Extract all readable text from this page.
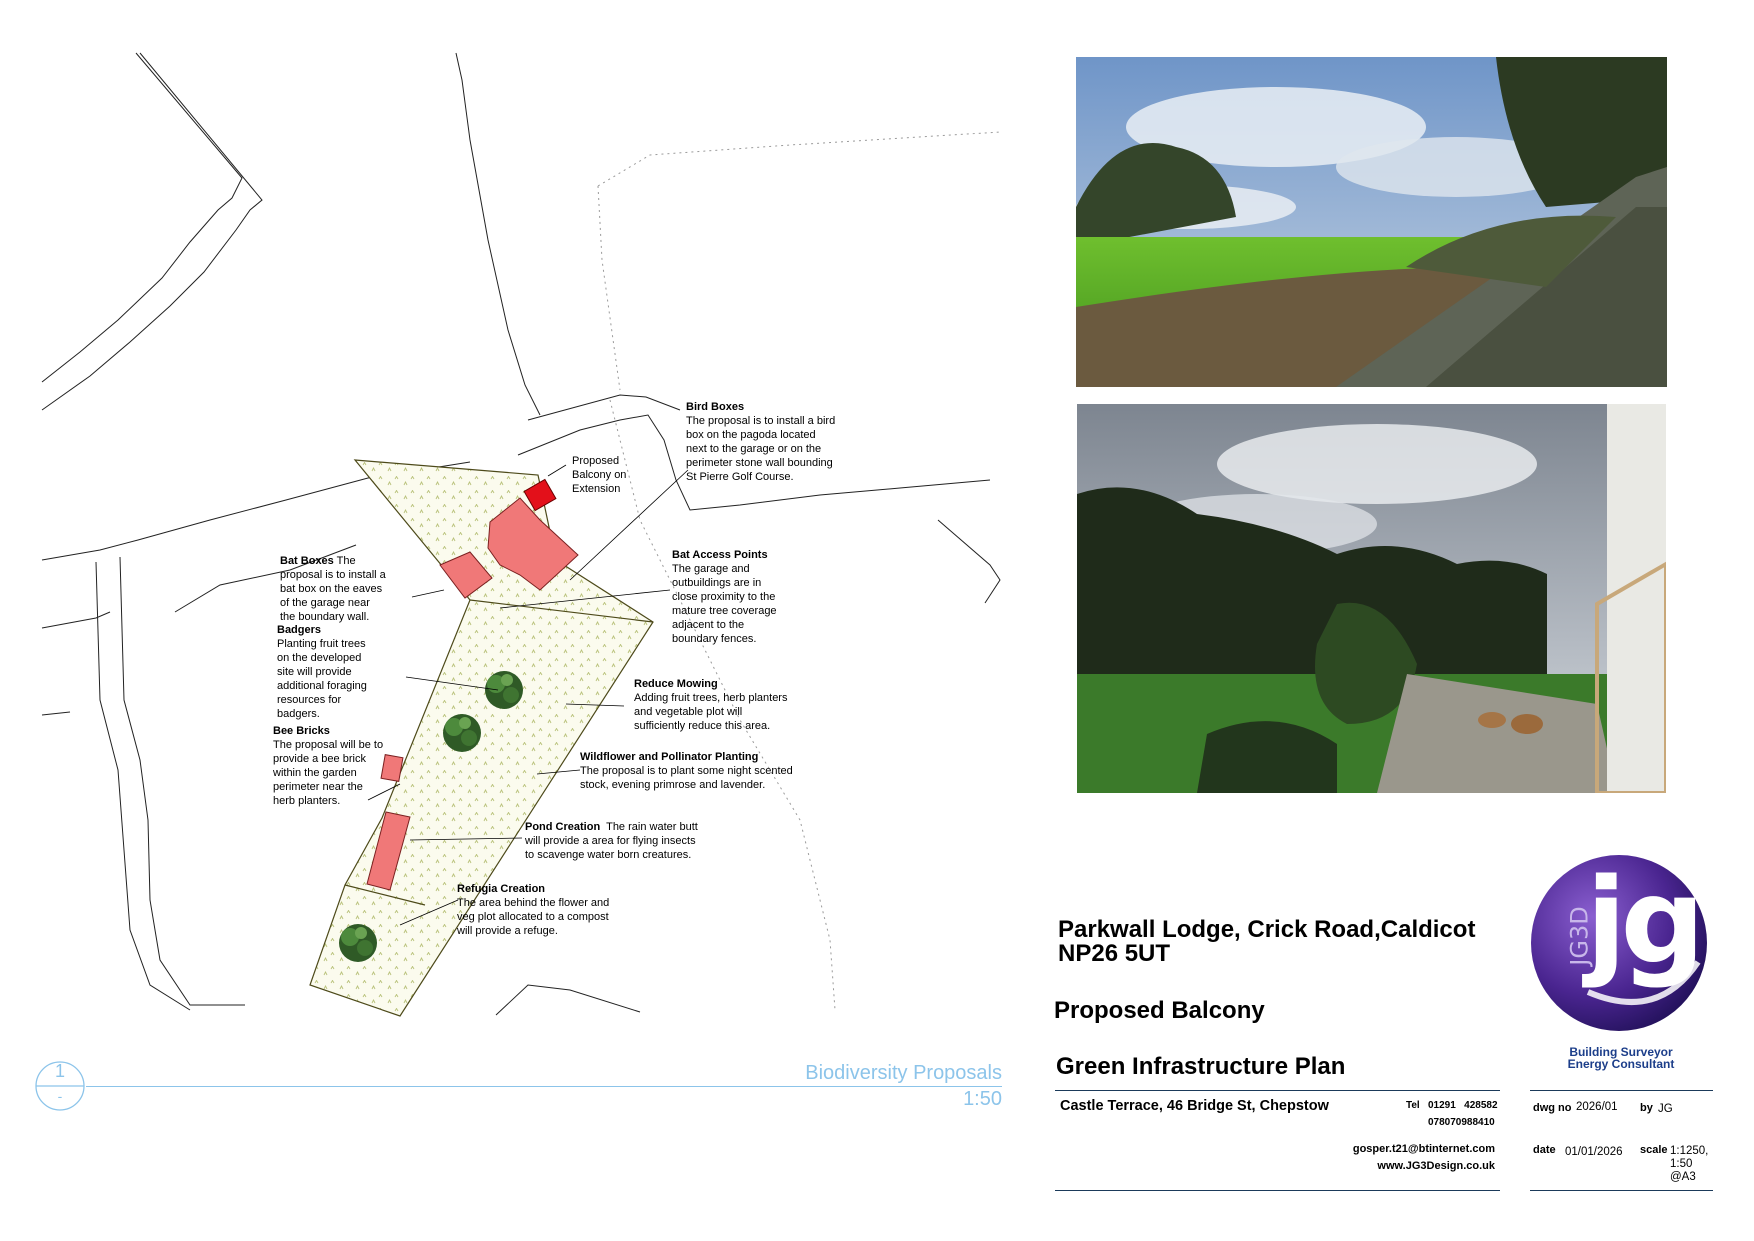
Proposed
Balcony on
Extension
Bird Boxes
The proposal is to install a bird
box on the pagoda located
next to the garage or on the
perimeter stone wall bounding
St Pierre Golf Course.
Bat Boxes The
proposal is to install a
bat box on the eaves
of the garage near
the boundary wall.
Bat Access Points
The garage and
outbuildings are in
close proximity to the
mature tree coverage
adjacent to the
boundary fences.
Badgers
Planting fruit trees
on the developed
site will provide
additional foraging
resources for
badgers.
Reduce Mowing
Adding fruit trees, herb planters
and vegetable plot will
sufficiently reduce this area.
Bee Bricks
The proposal will be to
provide a bee brick
within the garden
perimeter near the
herb planters.
Wildflower and Pollinator Planting
The proposal is to plant some night scented
stock, evening primrose and lavender.
Pond Creation The rain water butt
will provide a area for flying insects
to scavenge water born creatures.
Refugia Creation
The area behind the flower and
veg plot allocated to a compost
will provide a refuge.
1
-
Biodiversity Proposals
1:50
Parkwall Lodge, Crick Road,Caldicot
NP26 5UT
Proposed Balcony
Green Infrastructure Plan
Castle Terrace, 46 Bridge St, Chepstow	Tel 01291   428582
07807098841​0
gosper.t21@btinternet.com
www.JG3Design.co.uk
dwg no 2026/01 by JG
date 01/01/2026 scale 1:1250,
1:50
@A3
jg
JG3D
Building Surveyor
Energy Consultant
